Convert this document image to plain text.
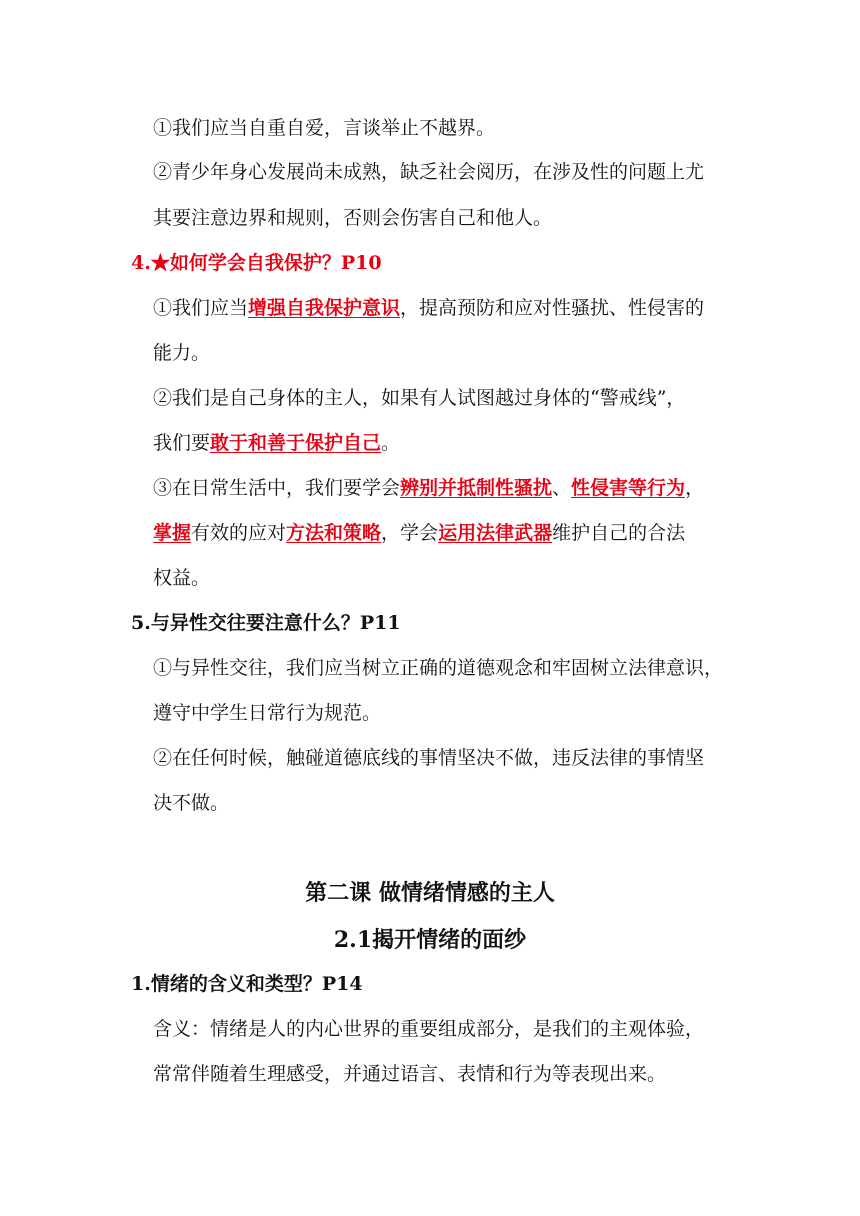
①我们应当自重自爱，言谈举止不越界。
②青少年身心发展尚未成熟，缺乏社会阅历，在涉及性的问题上尤
其要注意边界和规则，否则会伤害自己和他人。
4.★如何学会自我保护？P10
①我们应当增强自我保护意识，提高预防和应对性骚扰、性侵害的
能力。
②我们是自己身体的主人，如果有人试图越过身体的“警戒线”，
我们要敢于和善于保护自己。
③在日常生活中，我们要学会辨别并抵制性骚扰、性侵害等行为，
掌握有效的应对方法和策略，学会运用法律武器维护自己的合法
权益。
5.与异性交往要注意什么？P11
①与异性交往，我们应当树立正确的道德观念和牢固树立法律意识，
遵守中学生日常行为规范。
②在任何时候，触碰道德底线的事情坚决不做，违反法律的事情坚
决不做。
第二课 做情绪情感的主人
2.1揭开情绪的面纱
1.情绪的含义和类型？P14
含义：情绪是人的内心世界的重要组成部分，是我们的主观体验，
常常伴随着生理感受，并通过语言、表情和行为等表现出来。
